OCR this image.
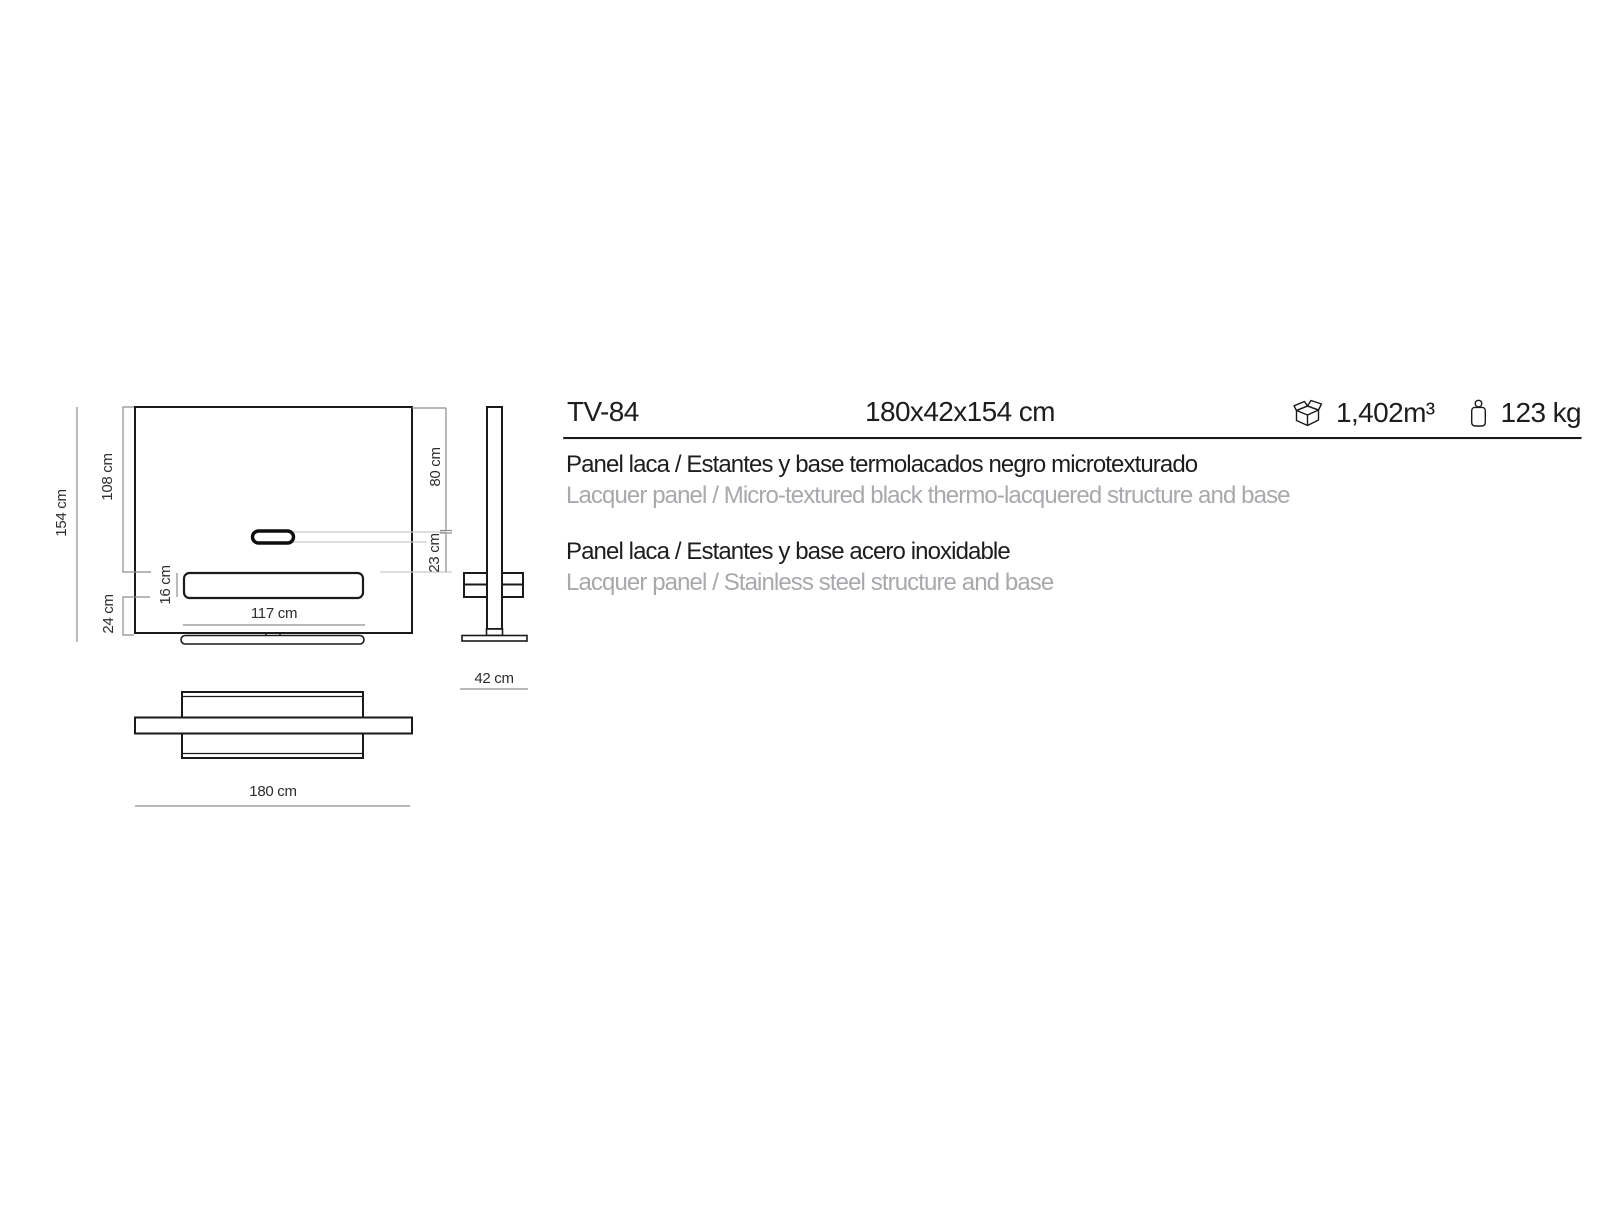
154 cm
108 cm
24 cm
16 cm
117 cm
80 cm
23 cm
42 cm
180 cm
TV-84	180x42x154 cm	1,402m³ 123 kg

Panel laca / Estantes y base termolacados negro microtexturado

Lacquer panel / Micro-textured black thermo-lacquered structure and base

Panel laca / Estantes y base acero inoxidable

Lacquer panel / Stainless steel structure and base
